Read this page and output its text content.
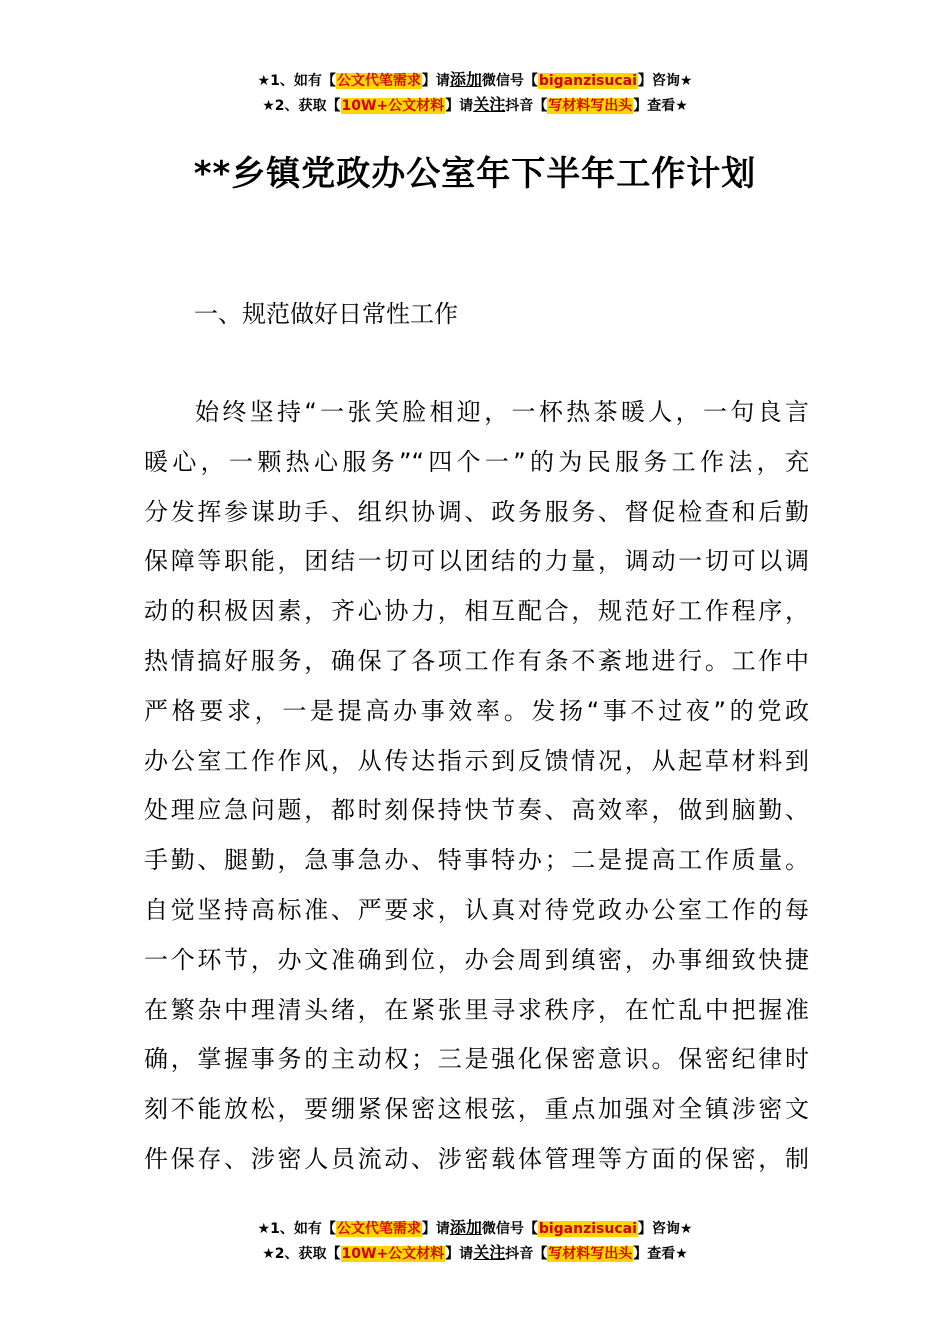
★1、如有【公文代笔需求】请添加微信号【biganzisucai】咨询★
★2、获取【10W+公文材料】请关注抖音【写材料写出头】查看★
**乡镇党政办公室年下半年工作计划
一、规范做好日常性工作
始终坚持“一张笑脸相迎，一杯热茶暖人，一句良言
暖心，一颗热心服务”“四个一”的为民服务工作法，充
分发挥参谋助手、组织协调、政务服务、督促检查和后勤
保障等职能，团结一切可以团结的力量，调动一切可以调
动的积极因素，齐心协力，相互配合，规范好工作程序，
热情搞好服务，确保了各项工作有条不紊地进行。工作中
严格要求，一是提高办事效率。发扬“事不过夜”的党政
办公室工作作风，从传达指示到反馈情况，从起草材料到
处理应急问题，都时刻保持快节奏、高效率，做到脑勤、
手勤、腿勤，急事急办、特事特办；二是提高工作质量。
自觉坚持高标准、严要求，认真对待党政办公室工作的每
一个环节，办文准确到位，办会周到缜密，办事细致快捷
在繁杂中理清头绪，在紧张里寻求秩序，在忙乱中把握准
确，掌握事务的主动权；三是强化保密意识。保密纪律时
刻不能放松，要绷紧保密这根弦，重点加强对全镇涉密文
件保存、涉密人员流动、涉密载体管理等方面的保密，制
★1、如有【公文代笔需求】请添加微信号【biganzisucai】咨询★
★2、获取【10W+公文材料】请关注抖音【写材料写出头】查看★
